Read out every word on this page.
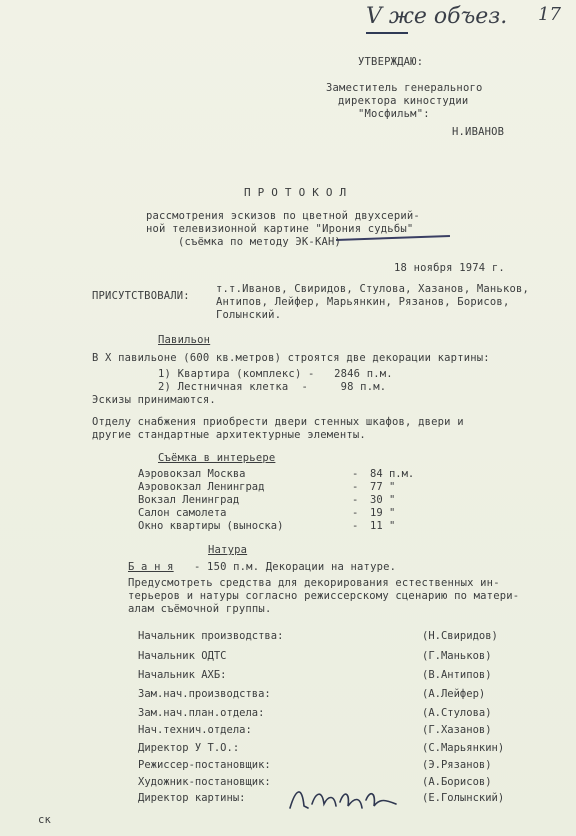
V же объез. 17
УТВЕРЖДАЮ:
Заместитель генерального
директора киностудии
"Мосфильм":
Н.ИВАНОВ
П Р О Т О К О Л
рассмотрения эскизов по цветной двухсерий-
ной телевизионной картине "Ирония судьбы"
(съёмка по методу ЭК-КАН)
18 ноября 1974 г.
ПРИСУТСТВОВАЛИ:
т.т.Иванов, Свиридов, Стулова, Хазанов, Маньков,
Антипов, Лейфер, Марьянкин, Рязанов, Борисов,
Голынский.
Павильон
В X павильоне (600 кв.метров) строятся две декорации картины:
1) Квартира (комплекс) -   2846 п.м.
2) Лестничная клетка  -     98 п.м.
Эскизы принимаются.
Отделу снабжения приобрести двери стенных шкафов, двери и
другие стандартные архитектурные элементы.
Съёмка в интерьере
Аэровокзал Москва	- 84 п.м.
Аэровокзал Ленинград	- 77 "
Вокзал Ленинград	- 30 "
Салон самолета	- 19 "
Окно квартиры (выноска)	- 11 "
Натура
Б а н я - 150 п.м. Декорации на натуре.
Предусмотреть средства для декорирования естественных ин-
терьеров и натуры согласно режиссерскому сценарию по матери-
алам съёмочной группы.
Начальник производства:	(Н.Свиридов)
Начальник ОДТС	(Г.Маньков)
Начальник АХБ:	(В.Антипов)
Зам.нач.производства:	(А.Лейфер)
Зам.нач.план.отдела:	(А.Стулова)
Нач.технич.отдела:	(Г.Хазанов)
Директор У Т.О.:	(С.Марьянкин)
Режиссер-постановщик:	(Э.Рязанов)
Художник-постановщик:	(А.Борисов)
Директор картины:	(Е.Голынский)
ск
